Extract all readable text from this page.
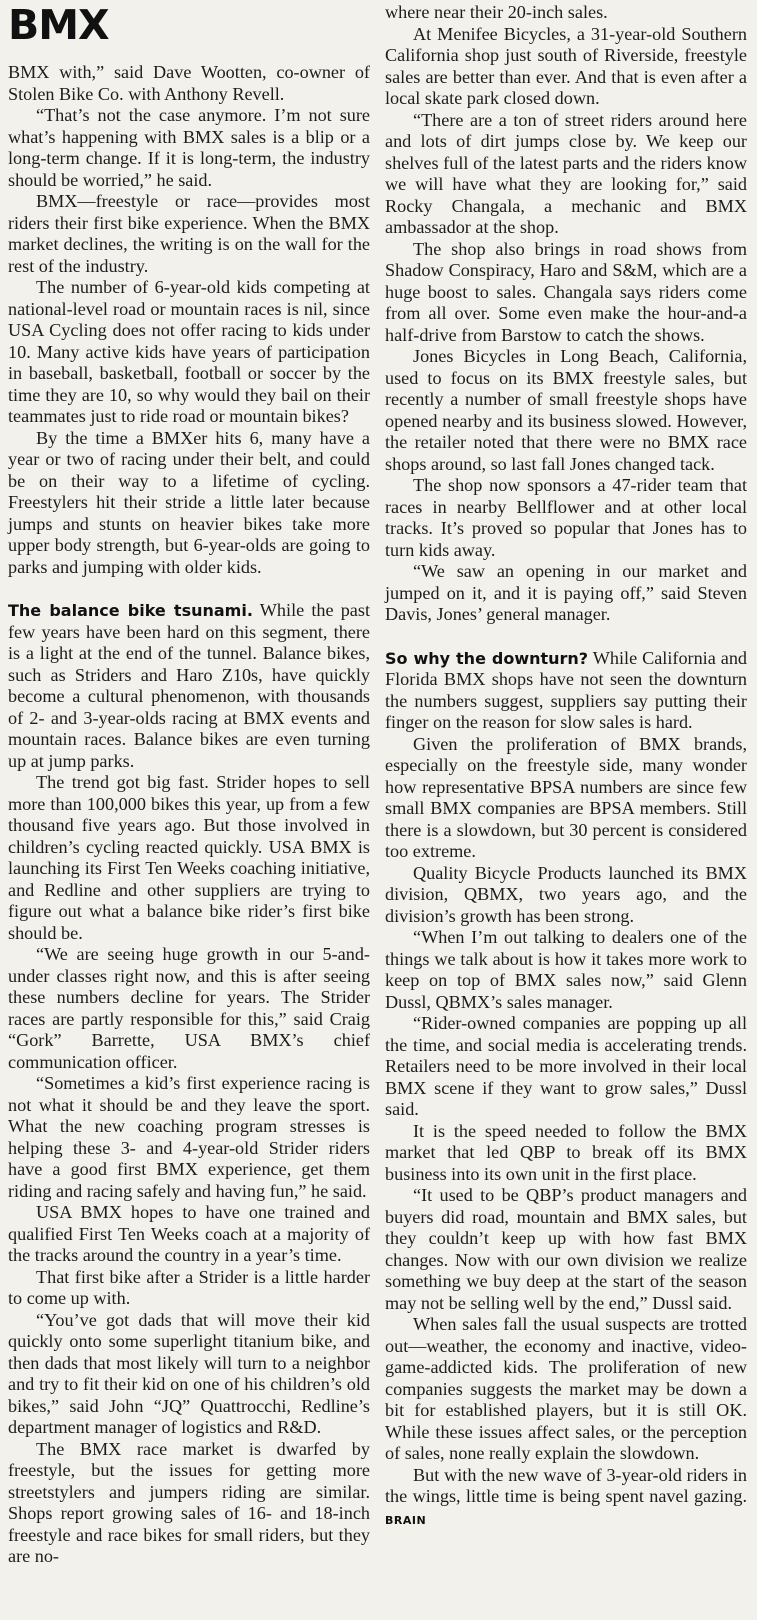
BMX

BMX with,” said Dave Wootten, co-owner of Stolen Bike Co. with Anthony Revell.

“That’s not the case anymore. I’m not sure what’s happening with BMX sales is a blip or a long-term change. If it is long-term, the industry should be worried,” he said.

BMX—freestyle or race—provides most riders their first bike experience. When the BMX market declines, the writing is on the wall for the rest of the industry.

The number of 6-year-old kids competing at national-level road or mountain races is nil, since USA Cycling does not offer racing to kids under 10. Many active kids have years of participation in baseball, basketball, football or soccer by the time they are 10, so why would they bail on their teammates just to ride road or mountain bikes?

By the time a BMXer hits 6, many have a year or two of racing under their belt, and could be on their way to a lifetime of cycling. Freestylers hit their stride a little later because jumps and stunts on heavier bikes take more upper body strength, but 6-year-olds are going to parks and jumping with older kids.

The balance bike tsunami. While the past few years have been hard on this segment, there is a light at the end of the tunnel. Balance bikes, such as Striders and Haro Z10s, have quickly become a cultural phenomenon, with thousands of 2- and 3-year-olds racing at BMX events and mountain races. Balance bikes are even turning up at jump parks.

The trend got big fast. Strider hopes to sell more than 100,000 bikes this year, up from a few thousand five years ago. But those involved in children’s cycling reacted quickly. USA BMX is launching its First Ten Weeks coaching initiative, and Redline and other suppliers are trying to figure out what a balance bike rider’s first bike should be.

“We are seeing huge growth in our 5-and-under classes right now, and this is after seeing these numbers decline for years. The Strider races are partly responsible for this,” said Craig “Gork” Barrette, USA BMX’s chief communication officer.

“Sometimes a kid’s first experience racing is not what it should be and they leave the sport. What the new coaching program stresses is helping these 3- and 4-year-old Strider riders have a good first BMX experience, get them riding and racing safely and having fun,” he said.

USA BMX hopes to have one trained and qualified First Ten Weeks coach at a majority of the tracks around the country in a year’s time.

That first bike after a Strider is a little harder to come up with.

“You’ve got dads that will move their kid quickly onto some superlight titanium bike, and then dads that most likely will turn to a neighbor and try to fit their kid on one of his children’s old bikes,” said John “JQ” Quattrocchi, Redline’s department manager of logistics and R&D.

The BMX race market is dwarfed by freestyle, but the issues for getting more streetstylers and jumpers riding are similar. Shops report growing sales of 16- and 18-inch freestyle and race bikes for small riders, but they are no-

where near their 20-inch sales.

At Menifee Bicycles, a 31-year-old Southern California shop just south of Riverside, freestyle sales are better than ever. And that is even after a local skate park closed down.

“There are a ton of street riders around here and lots of dirt jumps close by. We keep our shelves full of the latest parts and the riders know we will have what they are looking for,” said Rocky Changala, a mechanic and BMX ambassador at the shop.

The shop also brings in road shows from Shadow Conspiracy, Haro and S&M, which are a huge boost to sales. Changala says riders come from all over. Some even make the hour-and-a half-drive from Barstow to catch the shows.

Jones Bicycles in Long Beach, California, used to focus on its BMX freestyle sales, but recently a number of small freestyle shops have opened nearby and its business slowed. However, the retailer noted that there were no BMX race shops around, so last fall Jones changed tack.

The shop now sponsors a 47-rider team that races in nearby Bellflower and at other local tracks. It’s proved so popular that Jones has to turn kids away.

“We saw an opening in our market and jumped on it, and it is paying off,” said Steven Davis, Jones’ general manager.

So why the downturn? While California and Florida BMX shops have not seen the downturn the numbers suggest, suppliers say putting their finger on the reason for slow sales is hard.

Given the proliferation of BMX brands, especially on the freestyle side, many wonder how representative BPSA numbers are since few small BMX companies are BPSA members. Still there is a slowdown, but 30 percent is considered too extreme.

Quality Bicycle Products launched its BMX division, QBMX, two years ago, and the division’s growth has been strong.

“When I’m out talking to dealers one of the things we talk about is how it takes more work to keep on top of BMX sales now,” said Glenn Dussl, QBMX’s sales manager.

“Rider-owned companies are popping up all the time, and social media is accelerating trends. Retailers need to be more involved in their local BMX scene if they want to grow sales,” Dussl said.

It is the speed needed to follow the BMX market that led QBP to break off its BMX business into its own unit in the first place.

“It used to be QBP’s product managers and buyers did road, mountain and BMX sales, but they couldn’t keep up with how fast BMX changes. Now with our own division we realize something we buy deep at the start of the season may not be selling well by the end,” Dussl said.

When sales fall the usual suspects are trotted out—weather, the economy and inactive, video-game-addicted kids. The proliferation of new companies suggests the market may be down a bit for established players, but it is still OK. While these issues affect sales, or the perception of sales, none really explain the slowdown.

But with the new wave of 3-year-old riders in the wings, little time is being spent navel gazing. BRAIN
